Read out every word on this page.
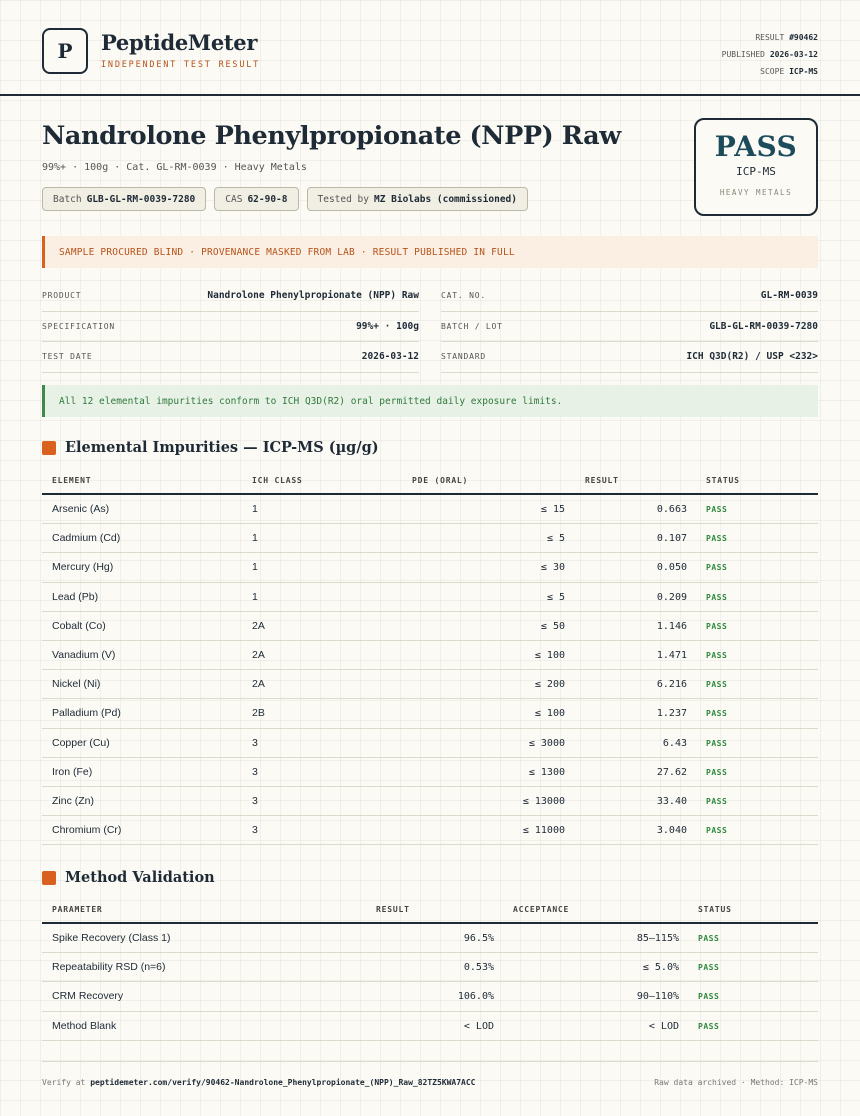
P	PeptideMeter
INDEPENDENT TEST RESULT
RESULT #90462
PUBLISHED 2026-03-12
SCOPE ICP-MS
Nandrolone Phenylpropionate (NPP) Raw
99%+ · 100g · Cat. GL-RM-0039 · Heavy Metals
Batch GLB-GL-RM-0039-7280	CAS 62-90-8	Tested by MZ Biolabs (commissioned)
PASS
ICP-MS
HEAVY METALS
SAMPLE PROCURED BLIND · PROVENANCE MASKED FROM LAB · RESULT PUBLISHED IN FULL
PRODUCT	Nandrolone Phenylpropionate (NPP) Raw
SPECIFICATION	99%+ · 100g
TEST DATE	2026-03-12
CAT. NO.	GL-RM-0039
BATCH / LOT	GLB-GL-RM-0039-7280
STANDARD	ICH Q3D(R2) / USP <232>
All 12 elemental impurities conform to ICH Q3D(R2) oral permitted daily exposure limits.
Elemental Impurities — ICP-MS (µg/g)
ELEMENT	ICH CLASS	PDE (ORAL)	RESULT	STATUS
Arsenic (As)	1	≤ 15	0.663 PASS
Cadmium (Cd)	1	≤ 5	0.107 PASS
Mercury (Hg)	1	≤ 30	0.050 PASS
Lead (Pb)	1	≤ 5	0.209 PASS
Cobalt (Co)	2A	≤ 50	1.146 PASS
Vanadium (V)	2A	≤ 100	1.471 PASS
Nickel (Ni)	2A	≤ 200	6.216 PASS
Palladium (Pd)	2B	≤ 100	1.237 PASS
Copper (Cu)	3	≤ 3000	6.43 PASS
Iron (Fe)	3	≤ 1300	27.62 PASS
Zinc (Zn)	3	≤ 13000	33.40 PASS
Chromium (Cr)	3	≤ 11000	3.040 PASS
Method Validation
PARAMETER	RESULT	ACCEPTANCE	STATUS
Spike Recovery (Class 1)	96.5%	85–115% PASS
Repeatability RSD (n=6)	0.53%	≤ 5.0% PASS
CRM Recovery	106.0%	90–110% PASS
Method Blank	< LOD	< LOD PASS
Verify at peptidemeter.com/verify/90462-Nandrolone_Phenylpropionate_(NPP)_Raw_82TZ5KWA7ACC	Raw data archived · Method: ICP-MS
